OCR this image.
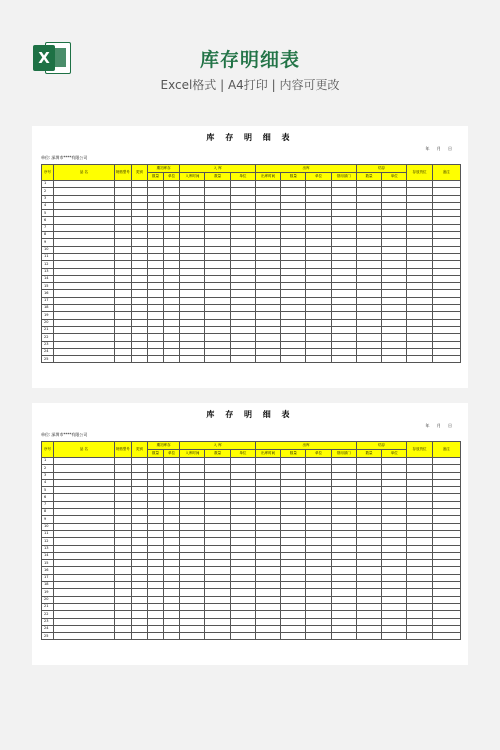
X	库存明细表
Excel格式 | A4打印 | 内容可更改
库 存 明 细 表
年 月 日
单位:深圳市****有限公司
序号	品 名	规格型号	类别	期初库存		入 库			出库				结存		存放货位	备注
				数量	单位	入库时间	数量	单位	出库时间	数量	单位	领用部门	数量	单位		
1																
2																
3																
4																
5																
6																
7																
8																
9																
10																
11																
12																
13																
14																
15																
16																
17																
18																
19																
20																
21																
22																
23																
24																
25																
库 存 明 细 表
年 月 日
单位:深圳市****有限公司
序号	品 名	规格型号	类别	期初库存		入 库			出库				结存		存放货位	备注
				数量	单位	入库时间	数量	单位	出库时间	数量	单位	领用部门	数量	单位		
1																
2																
3																
4																
5																
6																
7																
8																
9																
10																
11																
12																
13																
14																
15																
16																
17																
18																
19																
20																
21																
22																
23																
24																
25																
